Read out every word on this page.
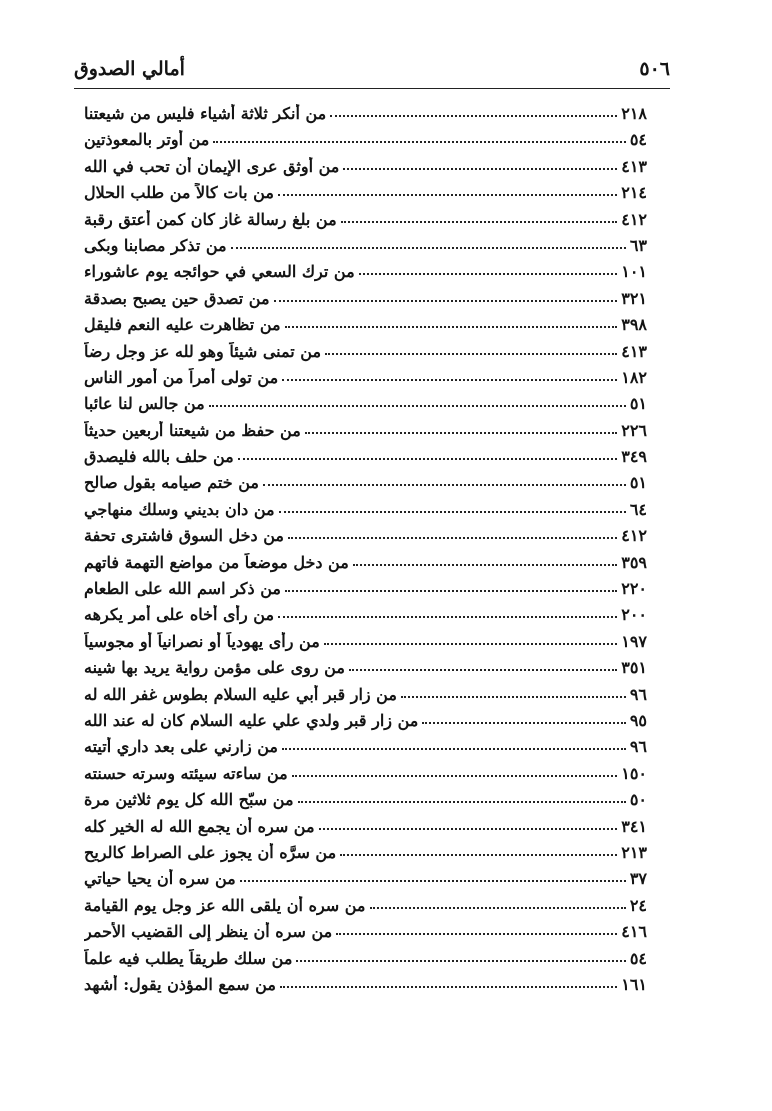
أمالي الصدوق	٥٠٦
من أنكر ثلاثة أشياء فليس من شيعتنا	٢١٨
من أوتر بالمعوذتين	٥٤
من أوثق عرى الإيمان أن تحب في الله	٤١٣
من بات كالاً من طلب الحلال	٢١٤
من بلغ رسالة غاز كان كمن أعتق رقبة	٤١٢
من تذكر مصابنا وبكى	٦٣
من ترك السعي في حوائجه يوم عاشوراء	١٠١
من تصدق حين يصبح بصدقة	٣٢١
من تظاهرت عليه النعم فليقل	٣٩٨
من تمنى شيئاً وهو لله عز وجل رضاً	٤١٣
من تولى أمراً من أمور الناس	١٨٢
من جالس لنا عائبا	٥١
من حفظ من شيعتنا أربعين حديثاً	٢٢٦
من حلف بالله فليصدق	٣٤٩
من ختم صيامه بقول صالح	٥١
من دان بديني وسلك منهاجي	٦٤
من دخل السوق فاشترى تحفة	٤١٢
من دخل موضعاً من مواضع التهمة فاتهم	٣٥٩
من ذكر اسم الله على الطعام	٢٢٠
من رأى أخاه على أمر يكرهه	٢٠٠
من رأى يهودياً أو نصرانياً أو مجوسياً	١٩٧
من روى على مؤمن رواية يريد بها شينه	٣٥١
من زار قبر أبي عليه السلام بطوس غفر الله له	٩٦
من زار قبر ولدي علي عليه السلام كان له عند الله	٩٥
من زارني على بعد داري أتيته	٩٦
من ساءته سيئته وسرته حسنته	١٥٠
من سبّح الله كل يوم ثلاثين مرة	٥٠
من سره أن يجمع الله له الخير كله	٣٤١
من سرَّه أن يجوز على الصراط كالريح	٢١٣
من سره أن يحيا حياتي	٣٧
من سره أن يلقى الله عز وجل يوم القيامة	٢٤
من سره أن ينظر إلى القضيب الأحمر	٤١٦
من سلك طريقاً يطلب فيه علماً	٥٤
من سمع المؤذن يقول: أشهد	١٦١
